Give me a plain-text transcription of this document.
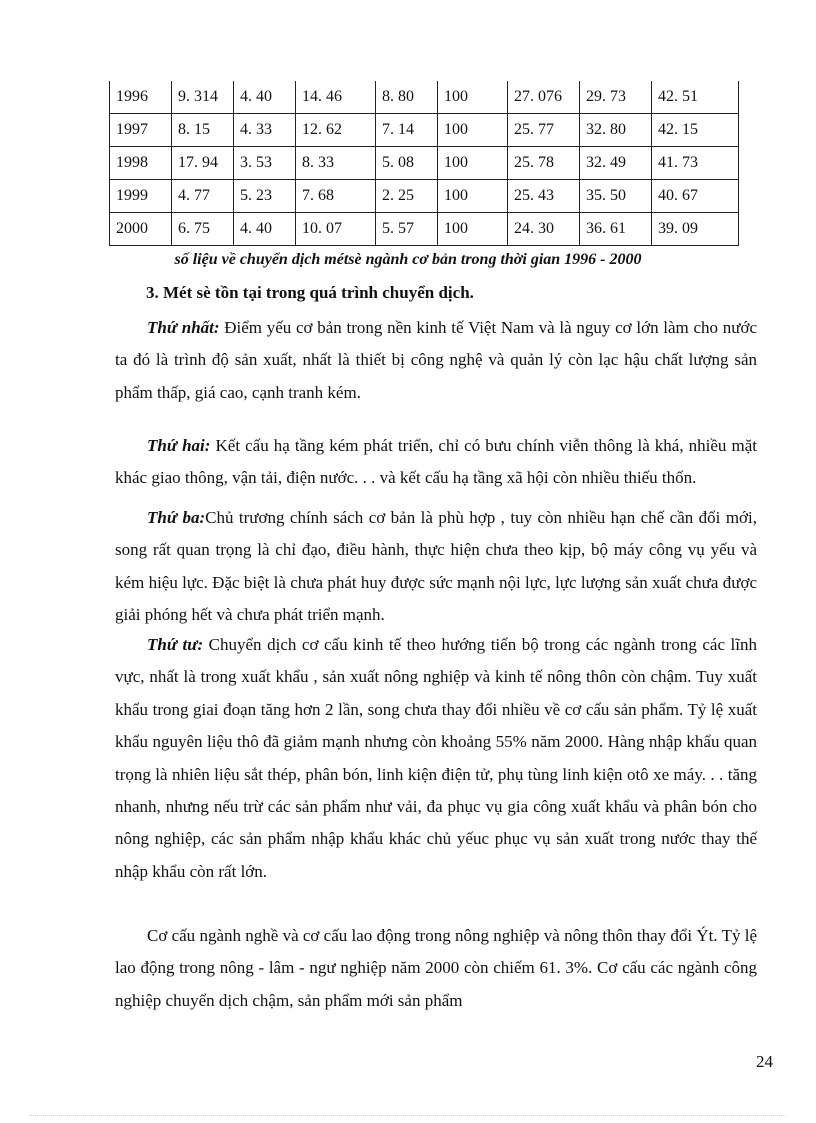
1996	9. 314	4. 40	14. 46	8. 80	100	27. 076	29. 73	42. 51
1997	8. 15	4. 33	12. 62	7. 14	100	25. 77	32. 80	42. 15
1998	17. 94	3. 53	8. 33	5. 08	100	25. 78	32. 49	41. 73
1999	4. 77	5. 23	7. 68	2. 25	100	25. 43	35. 50	40. 67
2000	6. 75	4. 40	10. 07	5. 57	100	24. 30	36. 61	39. 09

số liệu về chuyển dịch métsè ngành cơ bản trong thời gian 1996 - 2000

3. Mét sè tồn tại trong quá trình chuyển dịch.

Thứ nhất: Điểm yếu cơ bản trong nền kinh tế Việt Nam và là nguy cơ lớn làm cho nước ta đó là trình độ sản xuất, nhất là thiết bị công nghệ và quản lý còn lạc hậu chất lượng sản phẩm thấp, giá cao, cạnh tranh kém.

Thứ hai: Kết cấu hạ tầng kém phát triển, chỉ có bưu chính viễn thông là khá, nhiều mặt khác giao thông, vận tải, điện nước. . . và kết cấu hạ tầng xã hội còn nhiều thiếu thốn.

Thứ ba:Chủ trương chính sách cơ bản là phù hợp , tuy còn nhiều hạn chế cần đổi mới, song rất quan trọng là chỉ đạo, điều hành, thực hiện chưa theo kịp, bộ máy công vụ yếu và kém hiệu lực. Đặc biệt là chưa phát huy được sức mạnh nội lực, lực lượng sản xuất chưa được giải phóng hết và chưa phát triển mạnh.

Thứ tư: Chuyển dịch cơ cấu kinh tế theo hướng tiến bộ trong các ngành trong các lĩnh vực, nhất là trong xuất khẩu , sản xuất nông nghiệp và kinh tế nông thôn còn chậm. Tuy xuất khẩu trong giai đoạn tăng hơn 2 lần, song chưa thay đổi nhiều về cơ cấu sản phẩm. Tỷ lệ xuất khẩu nguyên liệu thô đã giảm mạnh nhưng còn khoảng 55% năm 2000. Hàng nhập khẩu quan trọng là nhiên liệu sắt thép, phân bón, linh kiện điện tử, phụ tùng linh kiện otô xe máy. . . tăng nhanh, nhưng nếu trừ các sản phẩm như vải, đa phục vụ gia công xuất khẩu và phân bón cho nông nghiệp, các sản phẩm nhập khẩu khác chủ yếuc phục vụ sản xuất trong nước thay thế nhập khẩu còn rất lớn.

Cơ cấu ngành nghề và cơ cấu lao động trong nông nghiệp và nông thôn thay đổi Ýt. Tỷ lệ lao động trong nông - lâm - ngư nghiệp năm 2000 còn chiếm 61. 3%. Cơ cấu các ngành công nghiệp chuyển dịch chậm, sản phẩm mới sản phẩm

24
